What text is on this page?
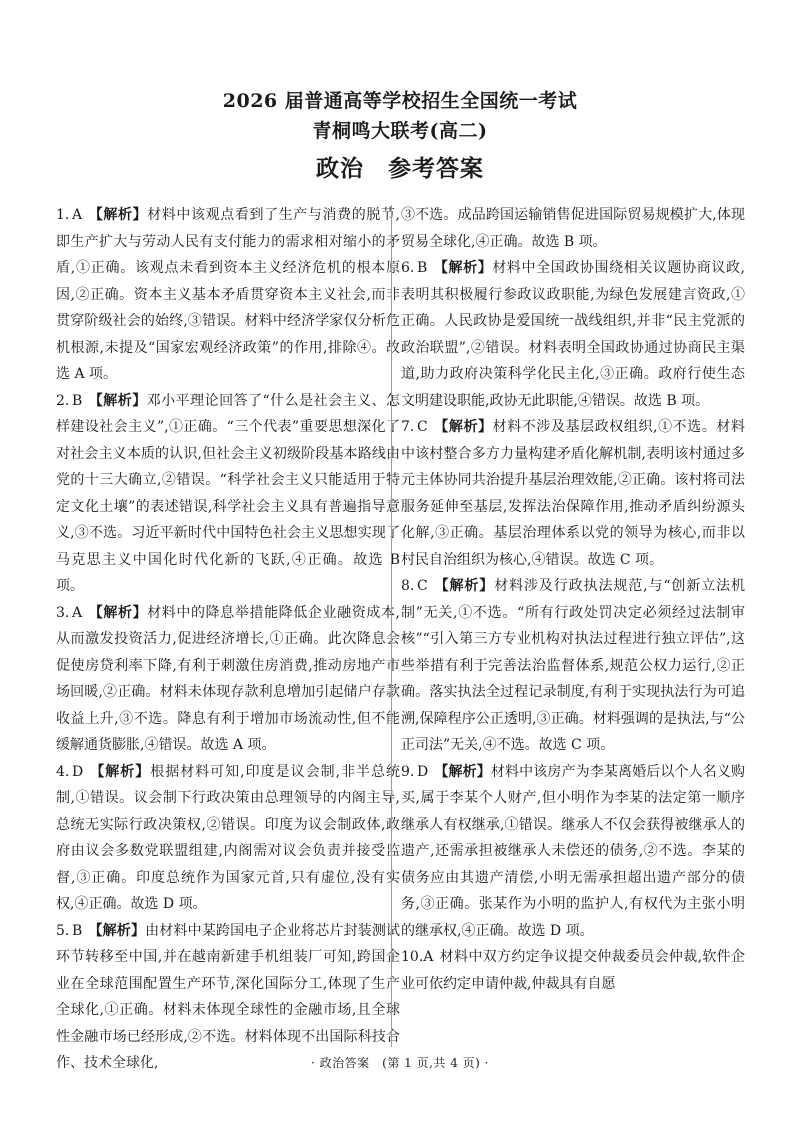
2026 届普通高等学校招生全国统一考试
青桐鸣大联考(高二)
政治　参考答案

1. A 【解析】材料中该观点看到了生产与消费的脱节,即生产扩大与劳动人民有支付能力的需求相对缩小的矛盾,①正确。该观点未看到资本主义经济危机的根本原因,②正确。资本主义基本矛盾贯穿资本主义社会,而非贯穿阶级社会的始终,③错误。材料中经济学家仅分析危机根源,未提及“国家宏观经济政策”的作用,排除④。故选 A 项。

2. B 【解析】邓小平理论回答了“什么是社会主义、怎样建设社会主义”,①正确。“三个代表”重要思想深化了对社会主义本质的认识,但社会主义初级阶段基本路线由党的十三大确立,②错误。“科学社会主义只能适用于特定文化土壤”的表述错误,科学社会主义具有普遍指导意义,③不选。习近平新时代中国特色社会主义思想实现了马克思主义中国化时代化新的飞跃,④正确。故选 B 项。

3. A 【解析】材料中的降息举措能降低企业融资成本,从而激发投资活力,促进经济增长,①正确。此次降息会促使房贷利率下降,有利于刺激住房消费,推动房地产市场回暖,②正确。材料未体现存款利息增加引起储户存款收益上升,③不选。降息有利于增加市场流动性,但不能缓解通货膨胀,④错误。故选 A 项。

4. D 【解析】根据材料可知,印度是议会制,非半总统制,①错误。议会制下行政决策由总理领导的内阁主导,总统无实际行政决策权,②错误。印度为议会制政体,政府由议会多数党联盟组建,内阁需对议会负责并接受监督,③正确。印度总统作为国家元首,只有虚位,没有实权,④正确。故选 D 项。

5. B 【解析】由材料中某跨国电子企业将芯片封装测试环节转移至中国,并在越南新建手机组装厂可知,跨国企业在全球范围配置生产环节,深化国际分工,体现了生产全球化,①正确。材料未体现全球性的金融市场,且全球性金融市场已经形成,②不选。材料体现不出国际科技合作、技术全球化,

③不选。成品跨国运输销售促进国际贸易规模扩大,体现贸易全球化,④正确。故选 B 项。

6. B 【解析】材料中全国政协围绕相关议题协商议政,表明其积极履行参政议政职能,为绿色发展建言资政,①正确。人民政协是爱国统一战线组织,并非“民主党派的政治联盟”,②错误。材料表明全国政协通过协商民主渠道,助力政府决策科学化民主化,③正确。政府行使生态文明建设职能,政协无此职能,④错误。故选 B 项。

7. C 【解析】材料不涉及基层政权组织,①不选。材料中该村整合多方力量构建矛盾化解机制,表明该村通过多元主体协同共治提升基层治理效能,②正确。该村将司法服务延伸至基层,发挥法治保障作用,推动矛盾纠纷源头化解,③正确。基层治理体系以党的领导为核心,而非以村民自治组织为核心,④错误。故选 C 项。

8. C 【解析】材料涉及行政执法规范,与“创新立法机制”无关,①不选。“所有行政处罚决定必须经过法制审核”“引入第三方专业机构对执法过程进行独立评估”,这些举措有利于完善法治监督体系,规范公权力运行,②正确。落实执法全过程记录制度,有利于实现执法行为可追溯,保障程序公正透明,③正确。材料强调的是执法,与“公正司法”无关,④不选。故选 C 项。

9. D 【解析】材料中该房产为李某离婚后以个人名义购买,属于李某个人财产,但小明作为李某的法定第一顺序继承人有权继承,①错误。继承人不仅会获得被继承人的遗产,还需承担被继承人未偿还的债务,②不选。李某的债务应由其遗产清偿,小明无需承担超出遗产部分的债务,③正确。张某作为小明的监护人,有权代为主张小明的继承权,④正确。故选 D 项。

10.A 材料中双方约定争议提交仲裁委员会仲裁,软件企业可依约定申请仲裁,仲裁具有自愿

· 政治答案　(第 1 页,共 4 页) ·
